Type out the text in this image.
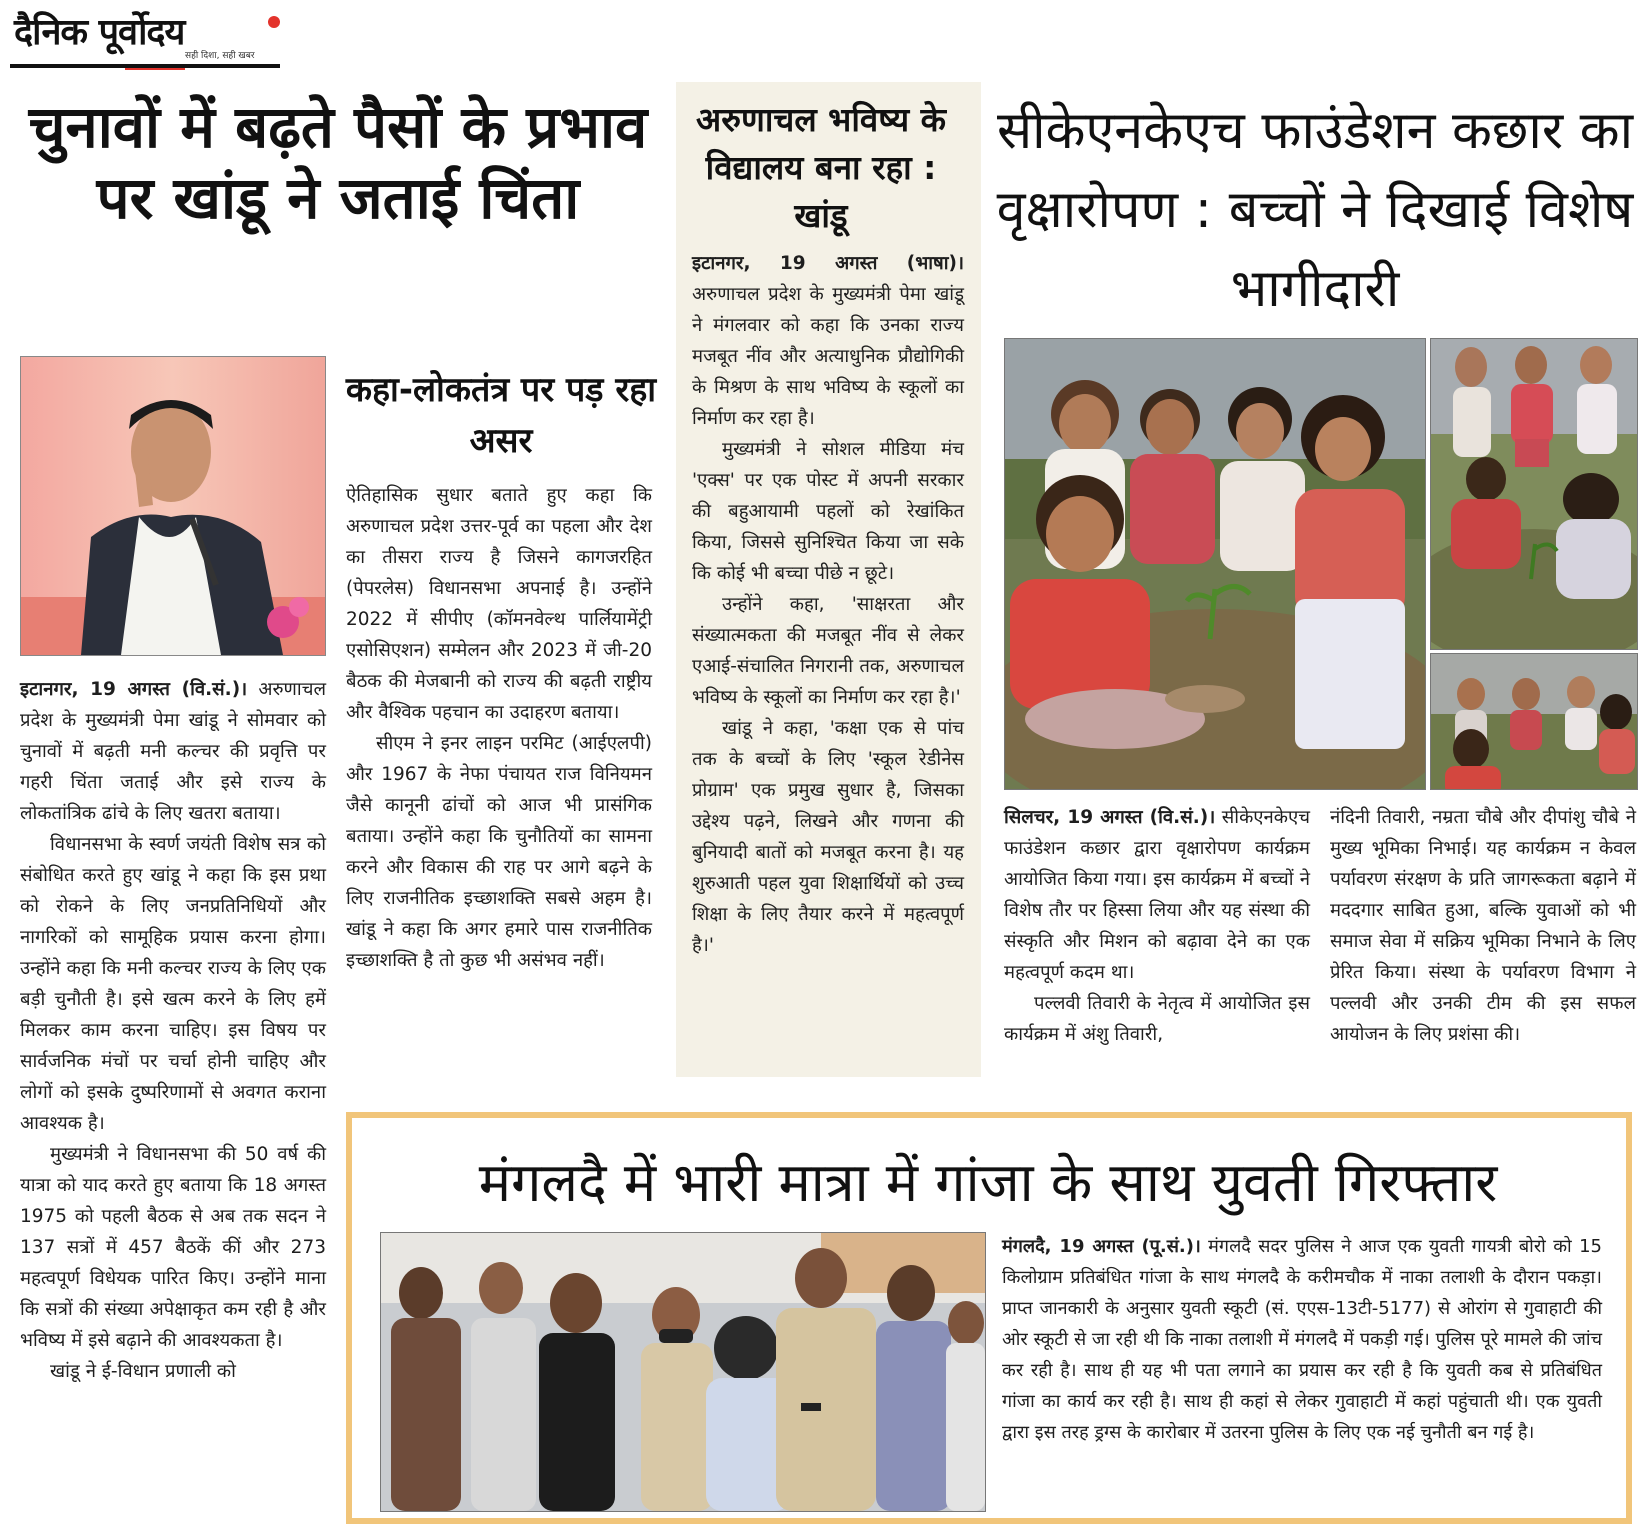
दैनिक पूर्वोदय
सही दिशा, सही खबर
चुनावों में बढ़ते पैसों के प्रभाव पर खांडू ने जताई चिंता
कहा-लोकतंत्र पर पड़ रहा असर

इटानगर, 19 अगस्त (वि.सं.)। अरुणाचल प्रदेश के मुख्यमंत्री पेमा खांडू ने सोमवार को चुनावों में बढ़ती मनी कल्चर की प्रवृत्ति पर गहरी चिंता जताई और इसे राज्य के लोकतांत्रिक ढांचे के लिए खतरा बताया।

विधानसभा के स्वर्ण जयंती विशेष सत्र को संबोधित करते हुए खांडू ने कहा कि इस प्रथा को रोकने के लिए जनप्रतिनिधियों और नागरिकों को सामूहिक प्रयास करना होगा। उन्होंने कहा कि मनी कल्चर राज्य के लिए एक बड़ी चुनौती है। इसे खत्म करने के लिए हमें मिलकर काम करना चाहिए। इस विषय पर सार्वजनिक मंचों पर चर्चा होनी चाहिए और लोगों को इसके दुष्परिणामों से अवगत कराना आवश्यक है।

मुख्यमंत्री ने विधानसभा की 50 वर्ष की यात्रा को याद करते हुए बताया कि 18 अगस्त 1975 को पहली बैठक से अब तक सदन ने 137 सत्रों में 457 बैठकें कीं और 273 महत्वपूर्ण विधेयक पारित किए। उन्होंने माना कि सत्रों की संख्या अपेक्षाकृत कम रही है और भविष्य में इसे बढ़ाने की आवश्यकता है।

खांडू ने ई-विधान प्रणाली को

ऐतिहासिक सुधार बताते हुए कहा कि अरुणाचल प्रदेश उत्तर-पूर्व का पहला और देश का तीसरा राज्य है जिसने कागजरहित (पेपरलेस) विधानसभा अपनाई है। उन्होंने 2022 में सीपीए (कॉमनवेल्थ पार्लियामेंट्री एसोसिएशन) सम्मेलन और 2023 में जी-20 बैठक की मेजबानी को राज्य की बढ़ती राष्ट्रीय और वैश्विक पहचान का उदाहरण बताया।

सीएम ने इनर लाइन परमिट (आईएलपी) और 1967 के नेफा पंचायत राज विनियमन जैसे कानूनी ढांचों को आज भी प्रासंगिक बताया। उन्होंने कहा कि चुनौतियों का सामना करने और विकास की राह पर आगे बढ़ने के लिए राजनीतिक इच्छाशक्ति सबसे अहम है। खांडू ने कहा कि अगर हमारे पास राजनीतिक इच्छाशक्ति है तो कुछ भी असंभव नहीं।

अरुणाचल भविष्य के विद्यालय बना रहा : खांडू

इटानगर, 19 अगस्त (भाषा)। अरुणाचल प्रदेश के मुख्यमंत्री पेमा खांडू ने मंगलवार को कहा कि उनका राज्य मजबूत नींव और अत्याधुनिक प्रौद्योगिकी के मिश्रण के साथ भविष्य के स्कूलों का निर्माण कर रहा है।

मुख्यमंत्री ने सोशल मीडिया मंच 'एक्स' पर एक पोस्ट में अपनी सरकार की बहुआयामी पहलों को रेखांकित किया, जिससे सुनिश्चित किया जा सके कि कोई भी बच्चा पीछे न छूटे।

उन्होंने कहा, 'साक्षरता और संख्यात्मकता की मजबूत नींव से लेकर एआई-संचालित निगरानी तक, अरुणाचल भविष्य के स्कूलों का निर्माण कर रहा है।'

खांडू ने कहा, 'कक्षा एक से पांच तक के बच्चों के लिए 'स्कूल रेडीनेस प्रोग्राम' एक प्रमुख सुधार है, जिसका उद्देश्य पढ़ने, लिखने और गणना की बुनियादी बातों को मजबूत करना है। यह शुरुआती पहल युवा शिक्षार्थियों को उच्च शिक्षा के लिए तैयार करने में महत्वपूर्ण है।'

सीकेएनकेएच फाउंडेशन कछार का वृक्षारोपण : बच्चों ने दिखाई विशेष भागीदारी

सिलचर, 19 अगस्त (वि.सं.)। सीकेएनकेएच फाउंडेशन कछार द्वारा वृक्षारोपण कार्यक्रम आयोजित किया गया। इस कार्यक्रम में बच्चों ने विशेष तौर पर हिस्सा लिया और यह संस्था की संस्कृति और मिशन को बढ़ावा देने का एक महत्वपूर्ण कदम था।

पल्लवी तिवारी के नेतृत्व में आयोजित इस कार्यक्रम में अंशु तिवारी,

नंदिनी तिवारी, नम्रता चौबे और दीपांशु चौबे ने मुख्य भूमिका निभाई। यह कार्यक्रम न केवल पर्यावरण संरक्षण के प्रति जागरूकता बढ़ाने में मददगार साबित हुआ, बल्कि युवाओं को भी समाज सेवा में सक्रिय भूमिका निभाने के लिए प्रेरित किया। संस्था के पर्यावरण विभाग ने पल्लवी और उनकी टीम की इस सफल आयोजन के लिए प्रशंसा की।

मंगलदै में भारी मात्रा में गांजा के साथ युवती गिरफ्तार

मंगलदै, 19 अगस्त (पू.सं.)। मंगलदै सदर पुलिस ने आज एक युवती गायत्री बोरो को 15 किलोग्राम प्रतिबंधित गांजा के साथ मंगलदै के करीमचौक में नाका तलाशी के दौरान पकड़ा। प्राप्त जानकारी के अनुसार युवती स्कूटी (सं. एएस-13टी-5177) से ओरांग से गुवाहाटी की ओर स्कूटी से जा रही थी कि नाका तलाशी में मंगलदै में पकड़ी गई। पुलिस पूरे मामले की जांच कर रही है। साथ ही यह भी पता लगाने का प्रयास कर रही है कि युवती कब से प्रतिबंधित गांजा का कार्य कर रही है। साथ ही कहां से लेकर गुवाहाटी में कहां पहुंचाती थी। एक युवती द्वारा इस तरह ड्रग्स के कारोबार में उतरना पुलिस के लिए एक नई चुनौती बन गई है।
